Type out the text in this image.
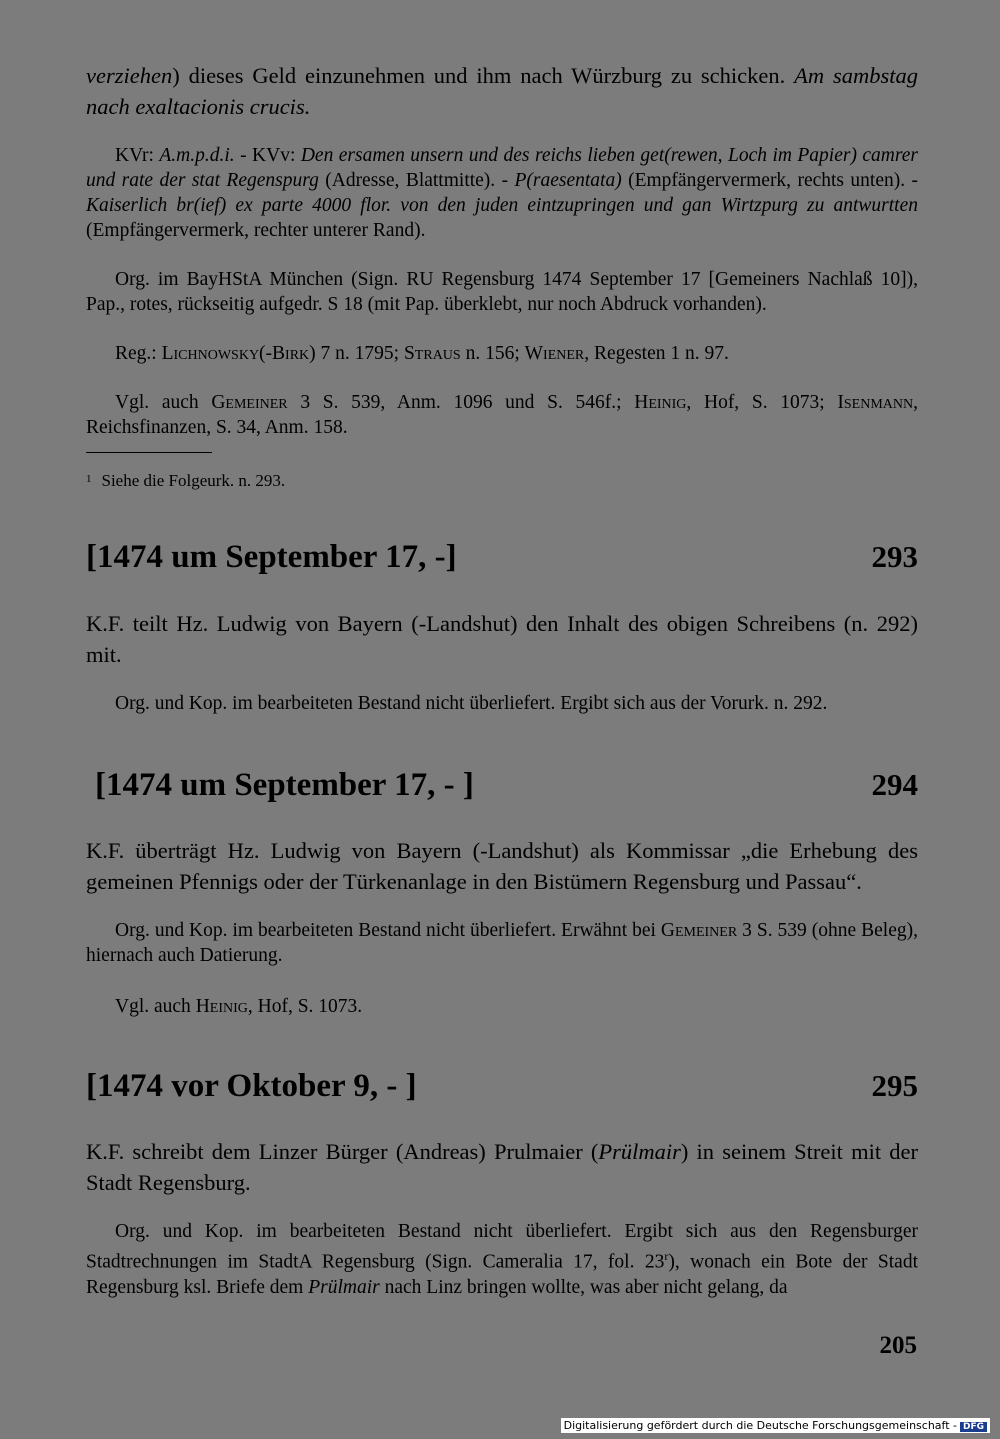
verziehen) dieses Geld einzunehmen und ihm nach Würzburg zu schicken. Am sambstag nach exaltacionis crucis.
KVr: A.m.p.d.i. - KVv: Den ersamen unsern und des reichs lieben get(rewen, Loch im Papier) camrer und rate der stat Regenspurg (Adresse, Blattmitte). - P(raesentata) (Empfängervermerk, rechts unten). - Kaiserlich br(ief) ex parte 4000 flor. von den juden eintzupringen und gan Wirtzpurg zu antwurtten (Empfängervermerk, rechter unterer Rand).
Org. im BayHStA München (Sign. RU Regensburg 1474 September 17 [Gemeiners Nachlaß 10]), Pap., rotes, rückseitig aufgedr. S 18 (mit Pap. überklebt, nur noch Abdruck vorhanden).
Reg.: Lichnowsky(-Birk) 7 n. 1795; Straus n. 156; Wiener, Regesten 1 n. 97.
Vgl. auch Gemeiner 3 S. 539, Anm. 1096 und S. 546f.; Heinig, Hof, S. 1073; Isenmann, Reichsfinanzen, S. 34, Anm. 158.
$^1$ Siehe die Folgeurk. n. 293.
[1474 um September 17, -]	293
K.F. teilt Hz. Ludwig von Bayern (-Landshut) den Inhalt des obigen Schreibens (n. 292) mit.
Org. und Kop. im bearbeiteten Bestand nicht überliefert. Ergibt sich aus der Vorurk. n. 292.
[1474 um September 17, - ]	294
K.F. überträgt Hz. Ludwig von Bayern (-Landshut) als Kommissar „die Erhebung des gemeinen Pfennigs oder der Türkenanlage in den Bistümern Regensburg und Passau“.
Org. und Kop. im bearbeiteten Bestand nicht überliefert. Erwähnt bei Gemeiner 3 S. 539 (ohne Beleg), hiernach auch Datierung.
Vgl. auch Heinig, Hof, S. 1073.
[1474 vor Oktober 9, - ]	295
K.F. schreibt dem Linzer Bürger (Andreas) Prulmaier (Prülmair) in seinem Streit mit der Stadt Regensburg.
Org. und Kop. im bearbeiteten Bestand nicht überliefert. Ergibt sich aus den Regensburger Stadtrechnungen im StadtA Regensburg (Sign. Cameralia 17, fol. 23$^r$), wonach ein Bote der Stadt Regensburg ksl. Briefe dem Prülmair nach Linz bringen wollte, was aber nicht gelang, da
205
Digitalisierung gefördert durch die Deutsche Forschungsgemeinschaft - DFG
